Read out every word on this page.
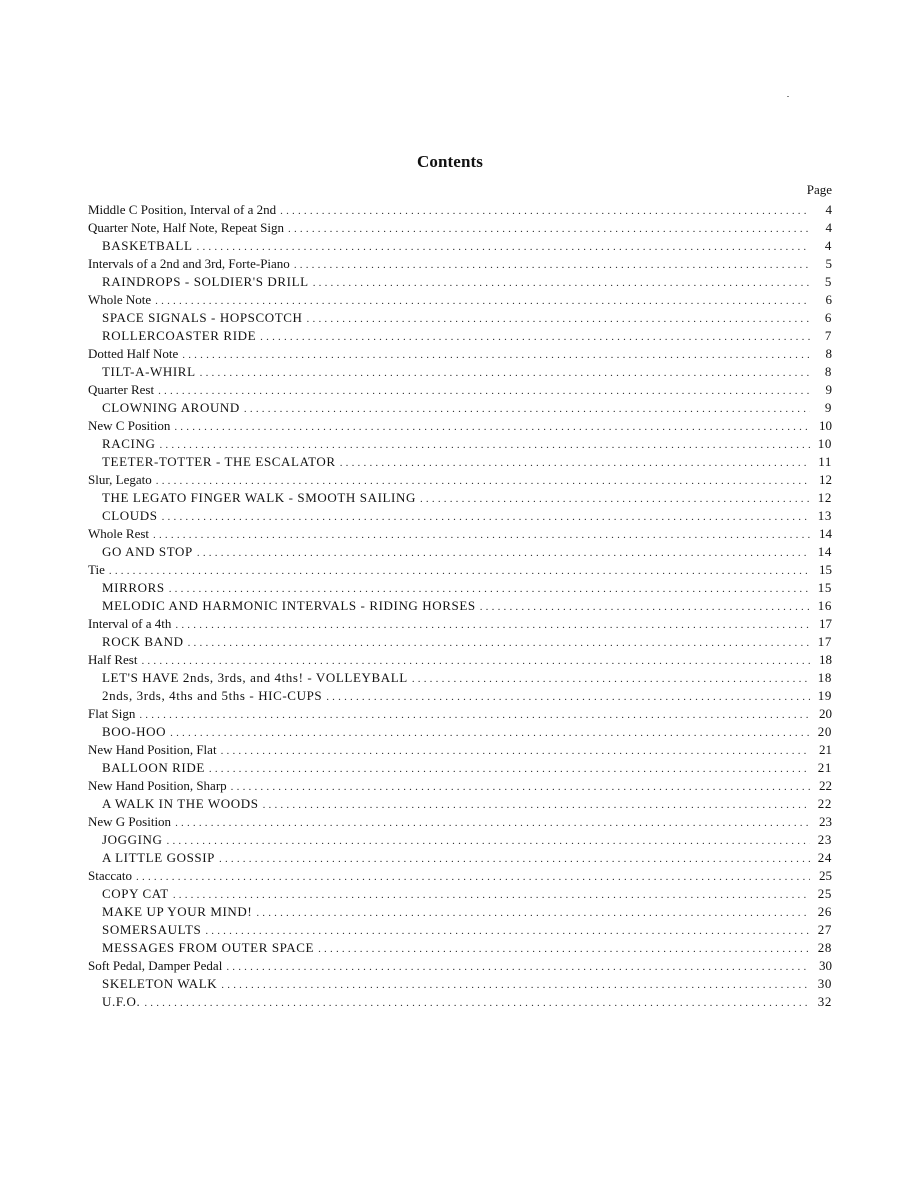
Contents
Page
Middle C Position, Interval of a 2nd .....	4
Quarter Note, Half Note, Repeat Sign .....	4
BASKETBALL .....	4
Intervals of a 2nd and 3rd, Forte-Piano .....	5
RAINDROPS - SOLDIER'S DRILL .....	5
Whole Note .....	6
SPACE SIGNALS - HOPSCOTCH .....	6
ROLLERCOASTER RIDE .....	7
Dotted Half Note .....	8
TILT-A-WHIRL .....	8
Quarter Rest .....	9
CLOWNING AROUND .....	9
New C Position .....	10
RACING .....	10
TEETER-TOTTER - THE ESCALATOR .....	11
Slur, Legato .....	12
THE LEGATO FINGER WALK - SMOOTH SAILING .....	12
CLOUDS .....	13
Whole Rest .....	14
GO AND STOP .....	14
Tie .....	15
MIRRORS .....	15
MELODIC AND HARMONIC INTERVALS - RIDING HORSES .....	16
Interval of a 4th .....	17
ROCK BAND .....	17
Half Rest .....	18
LET'S HAVE 2nds, 3rds, and 4ths! - VOLLEYBALL .....	18
2nds, 3rds, 4ths and 5ths - HIC-CUPS .....	19
Flat Sign .....	20
BOO-HOO .....	20
New Hand Position, Flat .....	21
BALLOON RIDE .....	21
New Hand Position, Sharp .....	22
A WALK IN THE WOODS .....	22
New G Position .....	23
JOGGING .....	23
A LITTLE GOSSIP .....	24
Staccato .....	25
COPY CAT .....	25
MAKE UP YOUR MIND! .....	26
SOMERSAULTS .....	27
MESSAGES FROM OUTER SPACE .....	28
Soft Pedal, Damper Pedal .....	30
SKELETON WALK .....	30
U.F.O. .....	32
